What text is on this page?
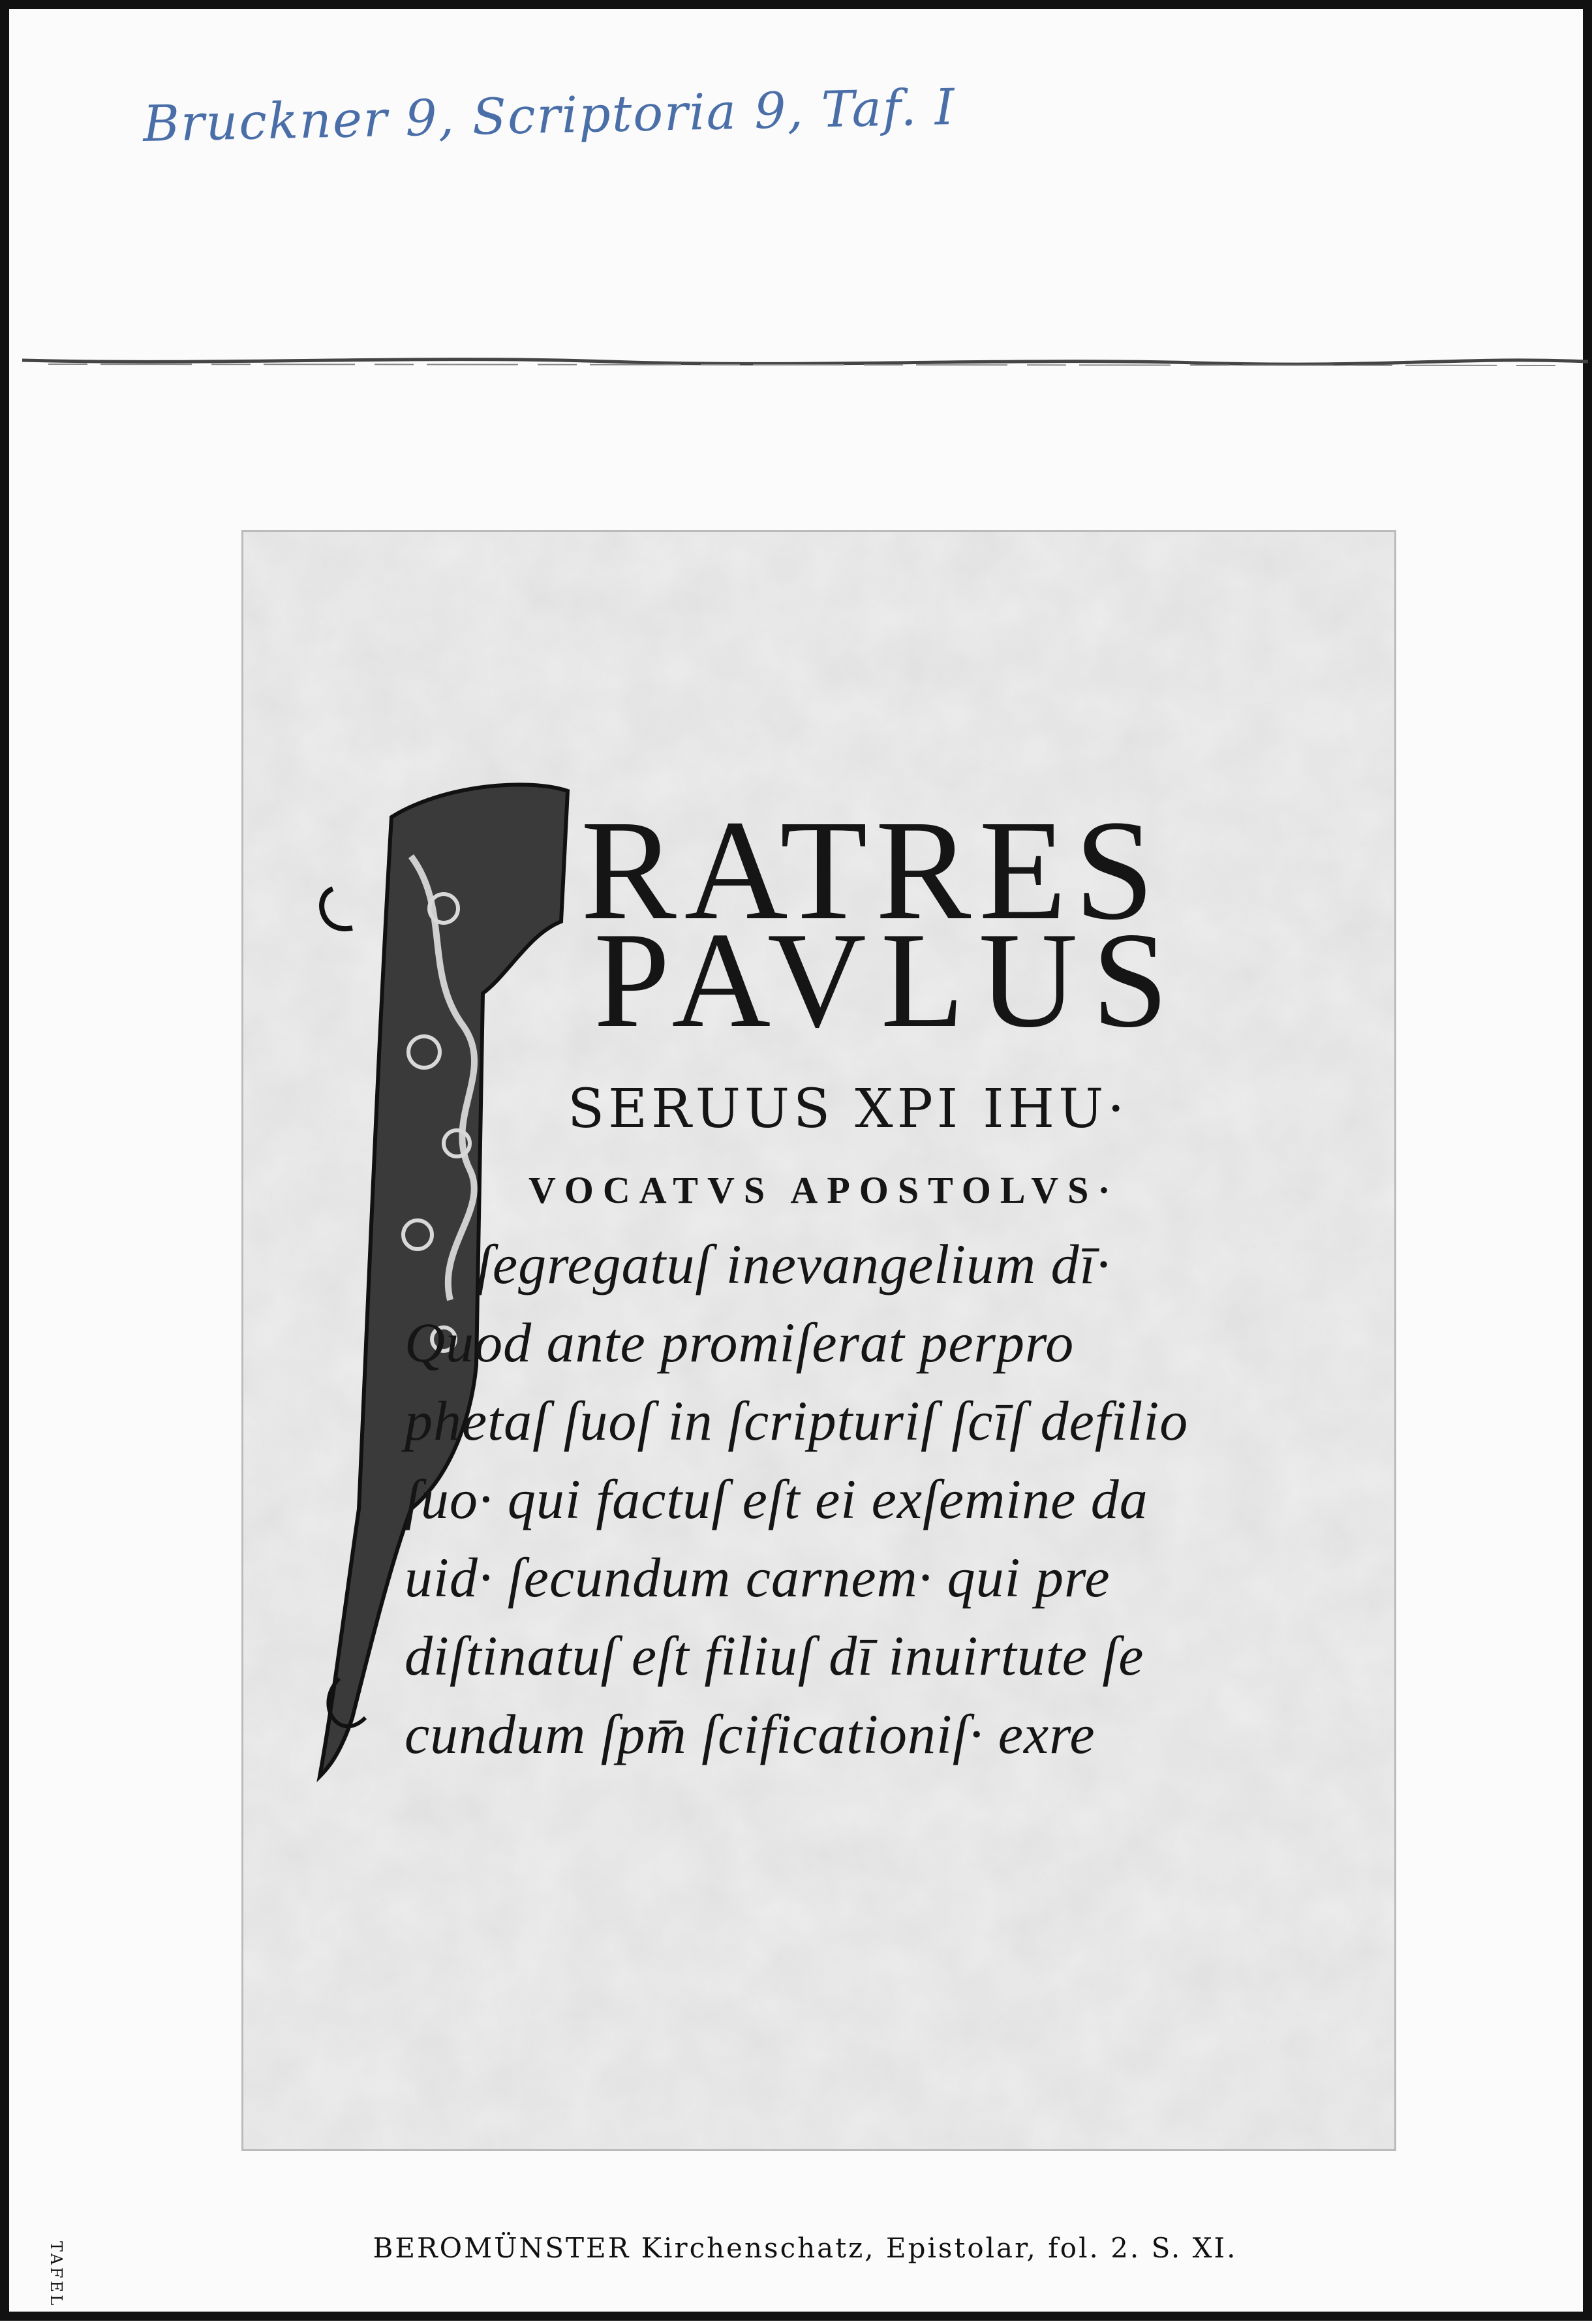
Bruckner 9, Scriptoria 9, Taf. I
RATRES
PAVLUS
SERUUS XPI IHU·
VOCATVS APOSTOLVS·
ſegregatuſ inevangelium dī·
Quod ante promiſerat perpro
phetaſ ſuoſ in ſcripturiſ ſcīſ defilio
ſuo· qui factuſ eſt ei exſemine da
uid· ſecundum carnem· qui pre
diſtinatuſ eſt filiuſ dī inuirtute ſe
cundum ſpm̄ ſcificationiſ· exre
BEROMÜNSTER Kirchenschatz, Epistolar, fol. 2. S. XI.
TAFEL I
